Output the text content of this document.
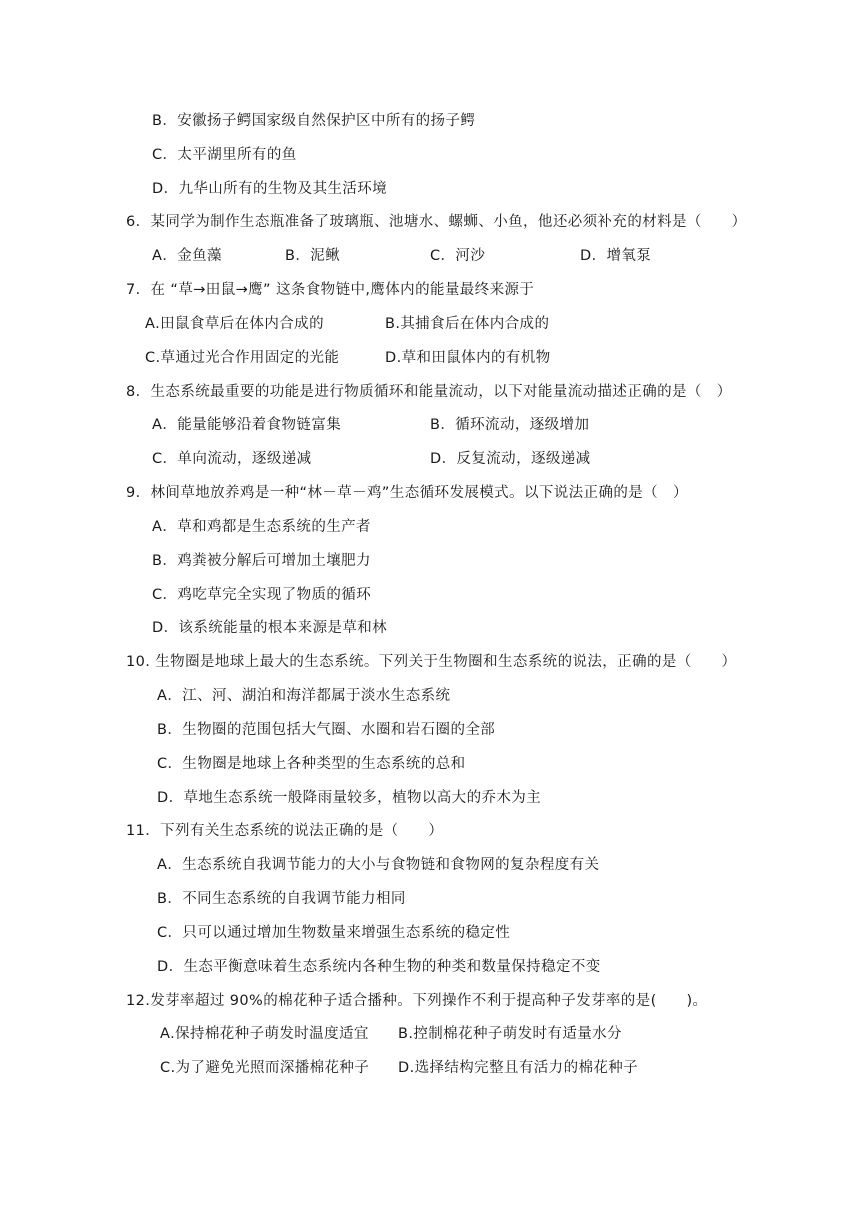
B．安徽扬子鳄国家级自然保护区中所有的扬子鳄
C．太平湖里所有的鱼
D．九华山所有的生物及其生活环境
6．某同学为制作生态瓶准备了玻璃瓶、池塘水、螺蛳、小鱼，他还必须补充的材料是（　　）

A．金鱼藻

	B．泥鳅

	C．河沙

	D．增氧泵

7．在 “草→田鼠→鹰” 这条食物链中,鹰体内的能量最终来源于

A.田鼠食草后在体内合成的

	B.其捕食后在体内合成的

C.草通过光合作用固定的光能

	D.草和田鼠体内的有机物

8．生态系统最重要的功能是进行物质循环和能量流动，以下对能量流动描述正确的是（　）

A．能量能够沿着食物链富集

	B．循环流动，逐级增加

C．单向流动，逐级递减

	D．反复流动，逐级递减

9．林间草地放养鸡是一种“林－草－鸡”生态循环发展模式。以下说法正确的是（　）
A．草和鸡都是生态系统的生产者
B．鸡粪被分解后可增加土壤肥力
C．鸡吃草完全实现了物质的循环
D．该系统能量的根本来源是草和林
10. 生物圈是地球上最大的生态系统。下列关于生物圈和生态系统的说法，正确的是（　　）
A．江、河、湖泊和海洋都属于淡水生态系统
B．生物圈的范围包括大气圈、水圈和岩石圈的全部
C．生物圈是地球上各种类型的生态系统的总和
D．草地生态系统一般降雨量较多，植物以高大的乔木为主
11．下列有关生态系统的说法正确的是（　　）
A．生态系统自我调节能力的大小与食物链和食物网的复杂程度有关
B．不同生态系统的自我调节能力相同
C．只可以通过增加生物数量来增强生态系统的稳定性
D．生态平衡意味着生态系统内各种生物的种类和数量保持稳定不变
12.发芽率超过 90%的棉花种子适合播种。下列操作不利于提高种子发芽率的是(　　)。

A.保持棉花种子萌发时温度适宜

B.控制棉花种子萌发时有适量水分

C.为了避免光照而深播棉花种子

D.选择结构完整且有活力的棉花种子
